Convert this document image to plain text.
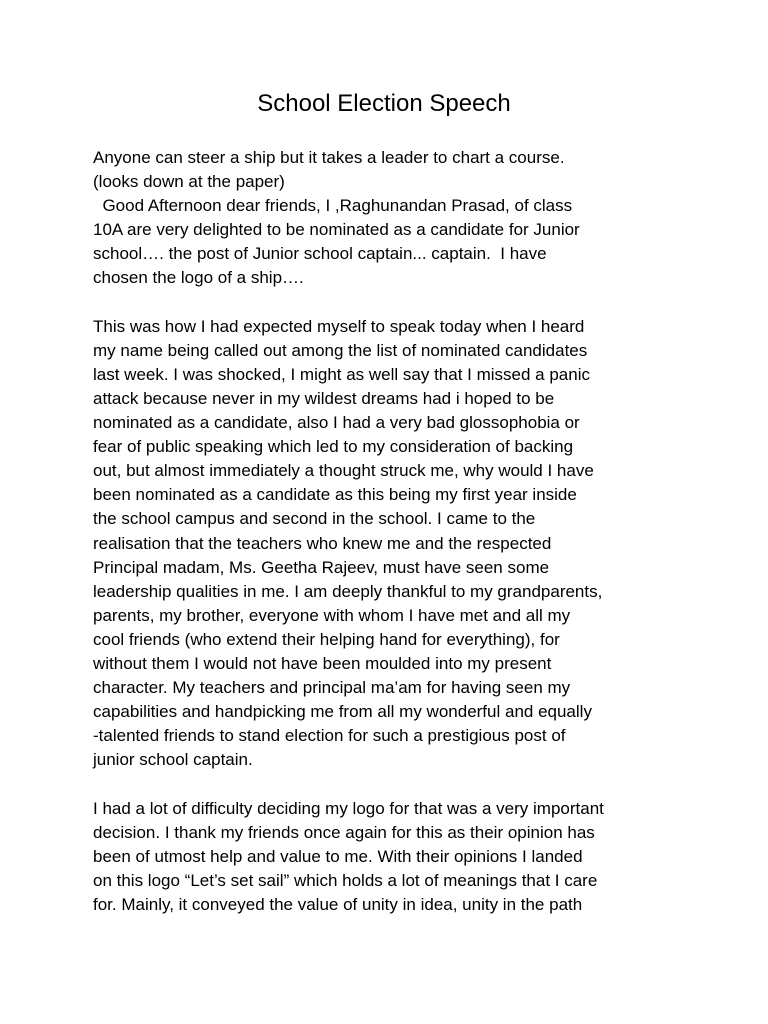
School Election Speech
Anyone can steer a ship but it takes a leader to chart a course.
(looks down at the paper)
Good Afternoon dear friends, I ,Raghunandan Prasad, of class
10A are very delighted to be nominated as a candidate for Junior
school…. the post of Junior school captain... captain.  I have
chosen the logo of a ship….
This was how I had expected myself to speak today when I heard
my name being called out among the list of nominated candidates
last week. I was shocked, I might as well say that I missed a panic
attack because never in my wildest dreams had i hoped to be
nominated as a candidate, also I had a very bad glossophobia or
fear of public speaking which led to my consideration of backing
out, but almost immediately a thought struck me, why would I have
been nominated as a candidate as this being my first year inside
the school campus and second in the school. I came to the
realisation that the teachers who knew me and the respected
Principal madam, Ms. Geetha Rajeev, must have seen some
leadership qualities in me. I am deeply thankful to my grandparents,
parents, my brother, everyone with whom I have met and all my
cool friends (who extend their helping hand for everything), for
without them I would not have been moulded into my present
character. My teachers and principal ma’am for having seen my
capabilities and handpicking me from all my wonderful and equally
-talented friends to stand election for such a prestigious post of
junior school captain.
I had a lot of difficulty deciding my logo for that was a very important
decision. I thank my friends once again for this as their opinion has
been of utmost help and value to me. With their opinions I landed
on this logo “Let’s set sail” which holds a lot of meanings that I care
for. Mainly, it conveyed the value of unity in idea, unity in the path
